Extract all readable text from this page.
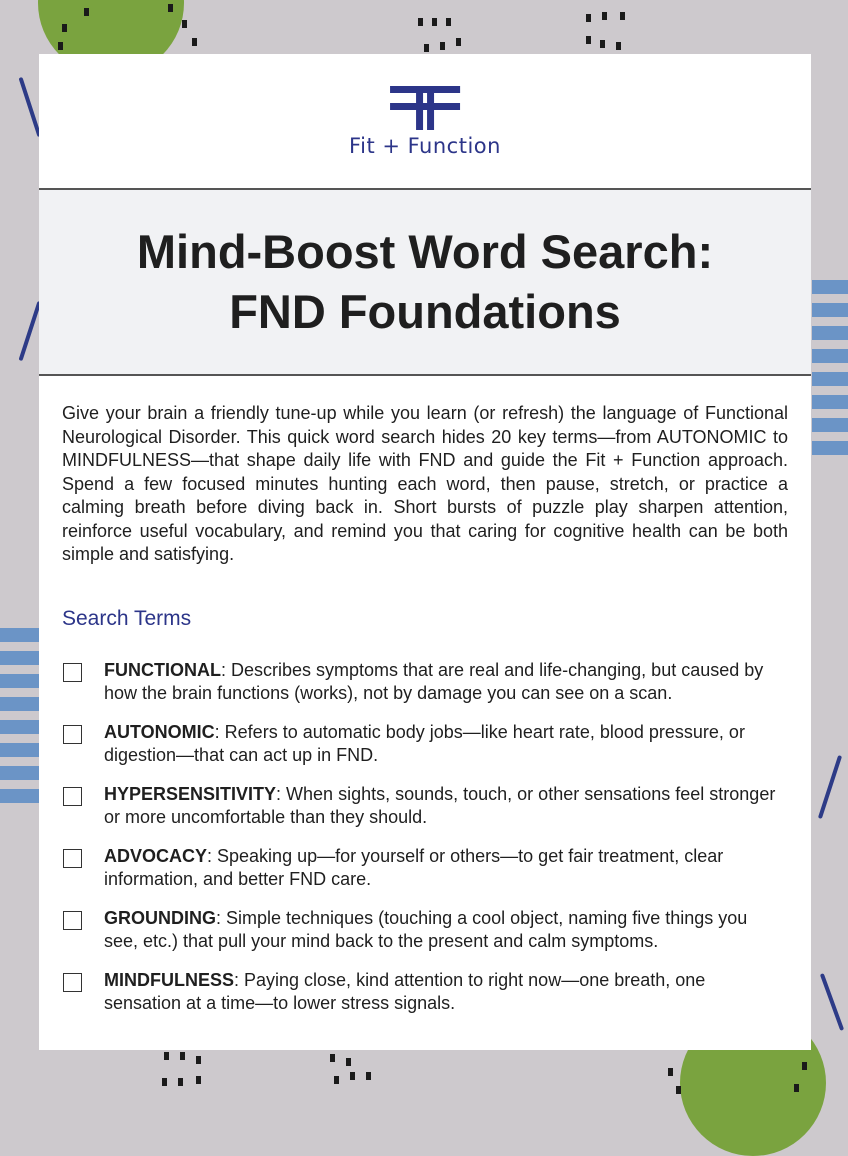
Fit + Function
Mind-Boost Word Search:
FND Foundations

Give your brain a friendly tune-up while you learn (or refresh) the language of Functional Neurological Disorder. This quick word search hides 20 key terms—from AUTONOMIC to MINDFULNESS—that shape daily life with FND and guide the Fit + Function approach. Spend a few focused minutes hunting each word, then pause, stretch, or practice a calming breath before diving back in. Short bursts of puzzle play sharpen attention, reinforce useful vocabulary, and remind you that caring for cognitive health can be both simple and satisfying.

Search Terms
FUNCTIONAL: Describes symptoms that are real and life-changing, but caused by how the brain functions (works), not by damage you can see on a scan.
AUTONOMIC: Refers to automatic body jobs—like heart rate, blood pressure, or digestion—that can act up in FND.
HYPERSENSITIVITY: When sights, sounds, touch, or other sensations feel stronger or more uncomfortable than they should.
ADVOCACY: Speaking up—for yourself or others—to get fair treatment, clear information, and better FND care.
GROUNDING: Simple techniques (touching a cool object, naming five things you see, etc.) that pull your mind back to the present and calm symptoms.
MINDFULNESS: Paying close, kind attention to right now—one breath, one sensation at a time—to lower stress signals.
